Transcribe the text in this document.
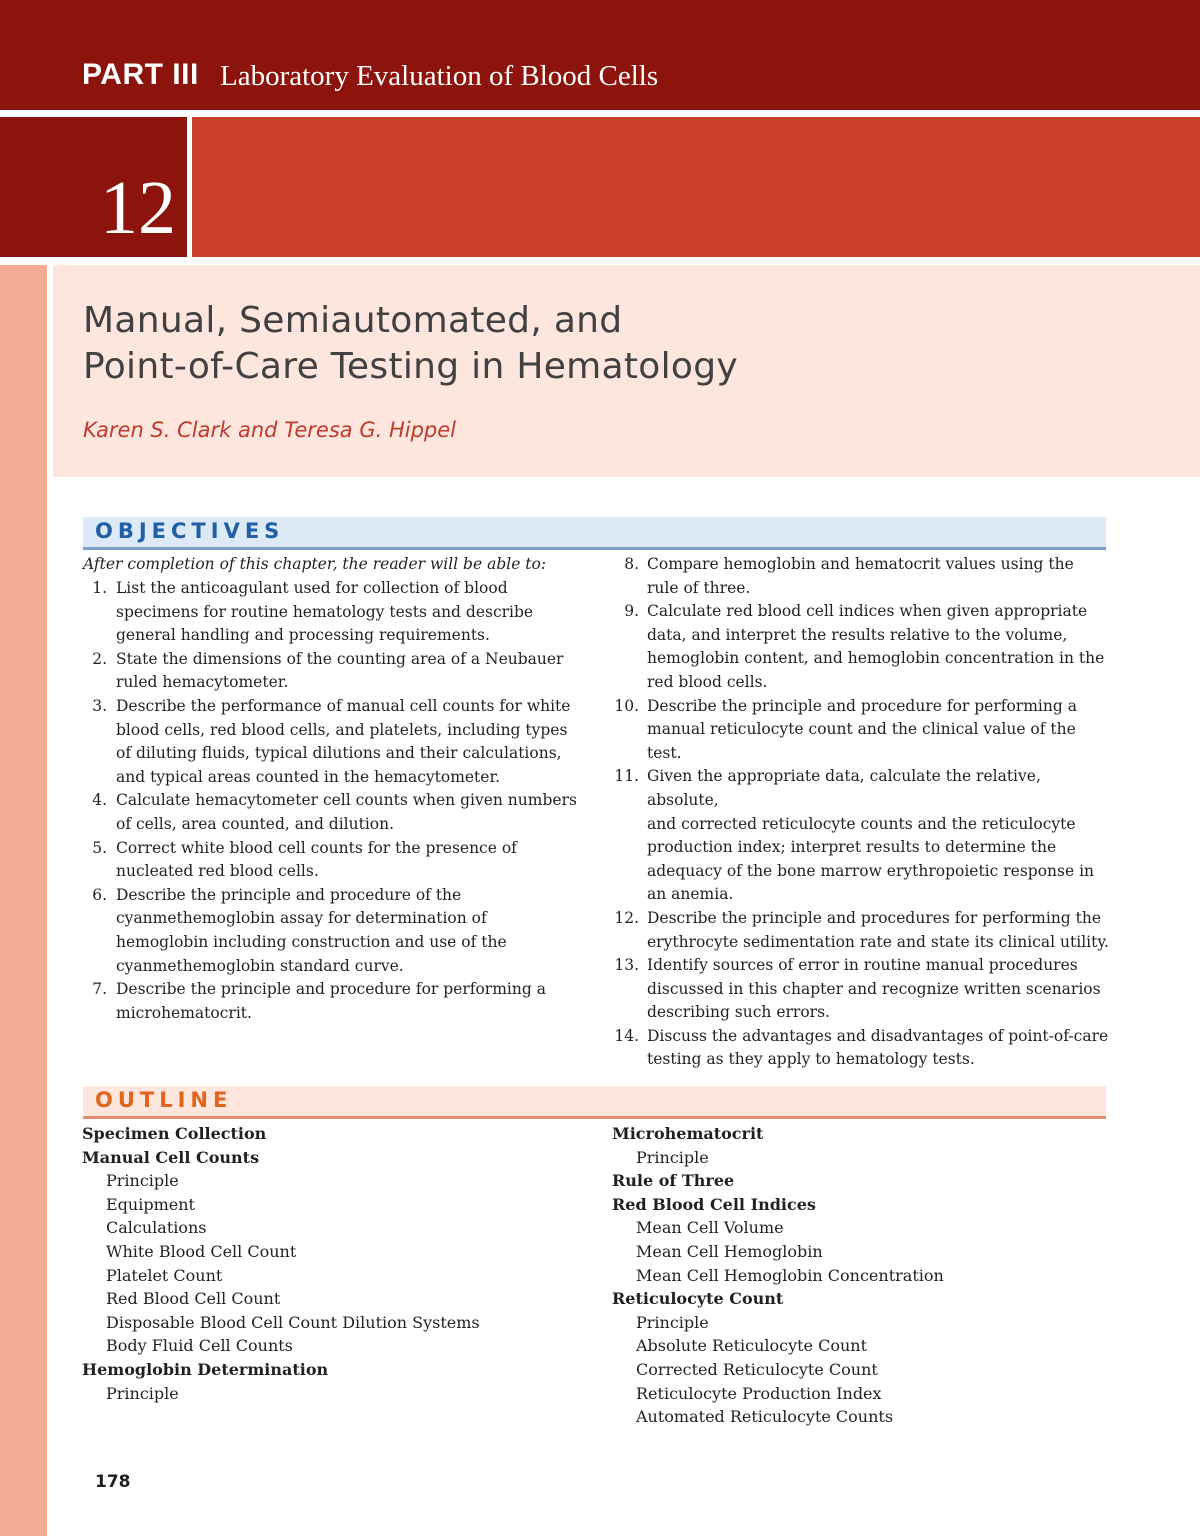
PART III Laboratory Evaluation of Blood Cells
12
Manual, Semiautomated, and
Point-of-Care Testing in Hematology
Karen S. Clark and Teresa G. Hippel
OBJECTIVES
After completion of this chapter, the reader will be able to:
1. List the anticoagulant used for collection of blood
specimens for routine hematology tests and describe
general handling and processing requirements.
2. State the dimensions of the counting area of a Neubauer
ruled hemacytometer.
3. Describe the performance of manual cell counts for white
blood cells, red blood cells, and platelets, including types
of diluting fluids, typical dilutions and their calculations,
and typical areas counted in the hemacytometer.
4. Calculate hemacytometer cell counts when given numbers
of cells, area counted, and dilution.
5. Correct white blood cell counts for the presence of
nucleated red blood cells.
6. Describe the principle and procedure of the
cyanmethemoglobin assay for determination of
hemoglobin including construction and use of the
cyanmethemoglobin standard curve.
7. Describe the principle and procedure for performing a
microhematocrit.
8. Compare hemoglobin and hematocrit values using the
rule of three.
9. Calculate red blood cell indices when given appropriate
data, and interpret the results relative to the volume,
hemoglobin content, and hemoglobin concentration in the
red blood cells.
10. Describe the principle and procedure for performing a
manual reticulocyte count and the clinical value of the test.
11. Given the appropriate data, calculate the relative, absolute,
and corrected reticulocyte counts and the reticulocyte
production index; interpret results to determine the
adequacy of the bone marrow erythropoietic response in
an anemia.
12. Describe the principle and procedures for performing the
erythrocyte sedimentation rate and state its clinical utility.
13. Identify sources of error in routine manual procedures
discussed in this chapter and recognize written scenarios
describing such errors.
14. Discuss the advantages and disadvantages of point-of-care
testing as they apply to hematology tests.
OUTLINE
Specimen Collection
Manual Cell Counts
Principle
Equipment
Calculations
White Blood Cell Count
Platelet Count
Red Blood Cell Count
Disposable Blood Cell Count Dilution Systems
Body Fluid Cell Counts
Hemoglobin Determination
Principle
Microhematocrit
Principle
Rule of Three
Red Blood Cell Indices
Mean Cell Volume
Mean Cell Hemoglobin
Mean Cell Hemoglobin Concentration
Reticulocyte Count
Principle
Absolute Reticulocyte Count
Corrected Reticulocyte Count
Reticulocyte Production Index
Automated Reticulocyte Counts
178
